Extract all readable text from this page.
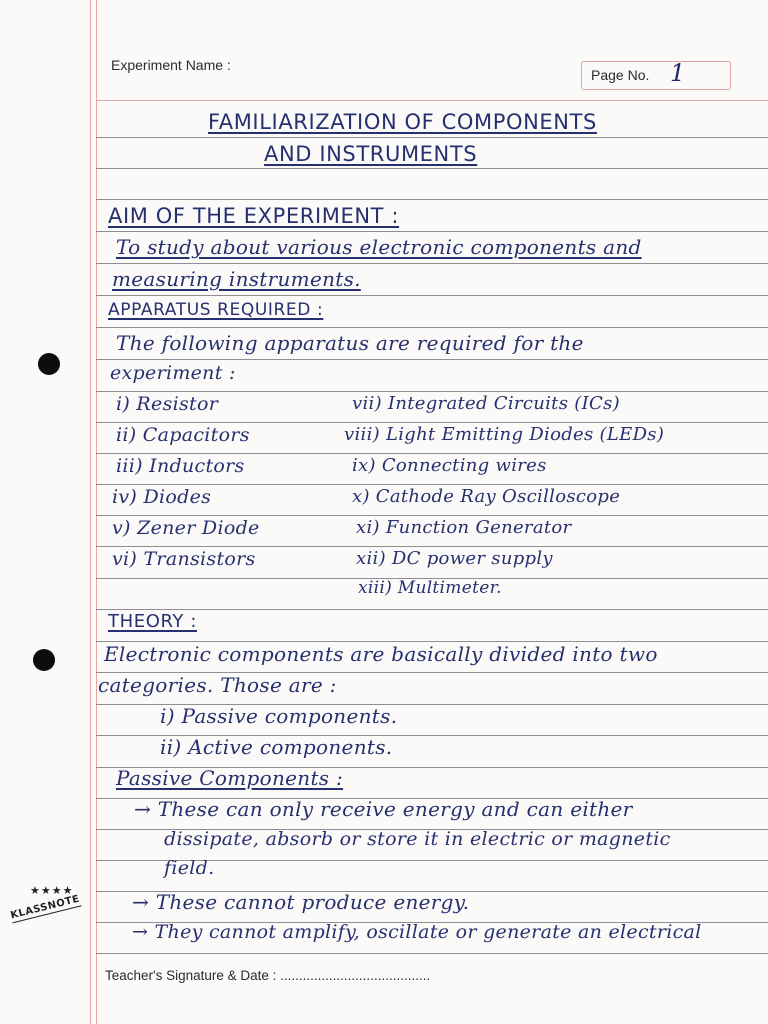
Experiment Name :
Page No. 1
FAMILIARIZATION OF COMPONENTS
AND INSTRUMENTS
AIM OF THE EXPERIMENT :
To study about various electronic components and
measuring instruments.
APPARATUS REQUIRED :
The following apparatus are required for the
experiment :
i) Resistor
ii) Capacitors
iii) Inductors
iv) Diodes
v) Zener Diode
vi) Transistors
vii) Integrated Circuits (ICs)
viii) Light Emitting Diodes (LEDs)
ix) Connecting wires
x) Cathode Ray Oscilloscope
xi) Function Generator
xii) DC power supply
xiii) Multimeter.
THEORY :
Electronic components are basically divided into two
categories. Those are :
i) Passive components.
ii) Active components.
Passive Components :
→ These can only receive energy and can either
dissipate, absorb or store it in electric or magnetic
field.
→ These cannot produce energy.
→ They cannot amplify, oscillate or generate an electrical
Teacher's Signature & Date : ........................................
★★★★
KLASSNOTE
